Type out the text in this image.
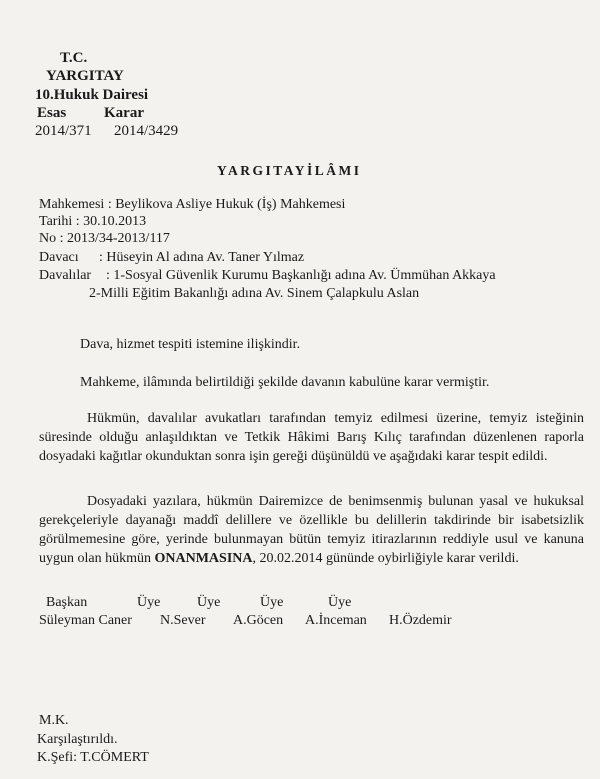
T.C.
YARGITAY
10.Hukuk Dairesi
Esas	Karar
2014/371 2014/3429
YARGITAYİLÂMI
Mahkemesi : Beylikova Asliye Hukuk (İş) Mahkemesi
Tarihi : 30.10.2013
No : 2013/34-2013/117
Davacı : Hüseyin Al adına Av. Taner Yılmaz
Davalılar : 1-Sosyal Güvenlik Kurumu Başkanlığı adına Av. Ümmühan Akkaya
2-Milli Eğitim Bakanlığı adına Av. Sinem Çalapkulu Aslan
Dava, hizmet tespiti istemine ilişkindir.
Mahkeme, ilâmında belirtildiği şekilde davanın kabulüne karar vermiştir.
Hükmün, davalılar avukatları tarafından temyiz edilmesi üzerine, temyiz isteğinin süresinde olduğu anlaşıldıktan ve Tetkik Hâkimi Barış Kılıç tarafından düzenlenen raporla dosyadaki kağıtlar okunduktan sonra işin gereği düşünüldü ve aşağıdaki karar tespit edildi.
Dosyadaki yazılara, hükmün Dairemizce de benimsenmiş bulunan yasal ve hukuksal gerekçeleriyle dayanağı maddî delillere ve özellikle bu delillerin takdirinde bir isabetsizlik görülmemesine göre, yerinde bulunmayan bütün temyiz itirazlarının reddiyle usul ve kanuna uygun olan hükmün ONANMASINA, 20.02.2014 gününde oybirliğiyle karar verildi.
Başkan
Süleyman Caner
Üye
N.Sever
Üye
A.Göcen
Üye
A.İnceman
Üye
H.Özdemir
M.K.
Karşılaştırıldı.
K.Şefi: T.CÖMERT
